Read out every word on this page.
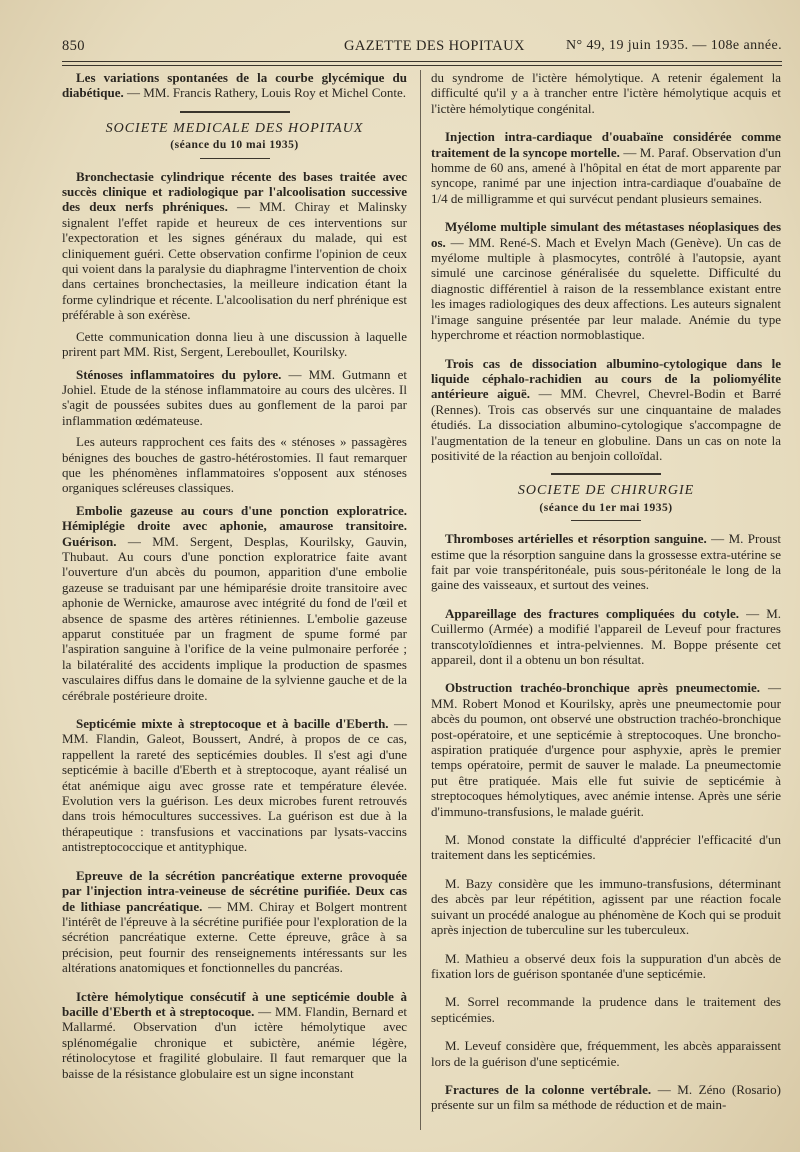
850	GAZETTE DES HOPITAUX	N° 49, 19 juin 1935. — 108e année.

Les variations spontanées de la courbe glycémique du diabétique. — MM. Francis Rathery, Louis Roy et Michel Conte.

SOCIETE MEDICALE DES HOPITAUX
(séance du 10 mai 1935)

Bronchectasie cylindrique récente des bases traitée avec succès clinique et radiologique par l'alcoolisation successive des deux nerfs phréniques. — MM. Chiray et Malinsky signalent l'effet rapide et heureux de ces interventions sur l'expectoration et les signes généraux du malade, qui est cliniquement guéri. Cette observation confirme l'opinion de ceux qui voient dans la paralysie du diaphragme l'intervention de choix dans certaines bronchectasies, la meilleure indication étant la forme cylindrique et récente. L'alcoolisation du nerf phrénique est préférable à son exérèse.

Cette communication donna lieu à une discussion à laquelle prirent part MM. Rist, Sergent, Lereboullet, Kourilsky.

Sténoses inflammatoires du pylore. — MM. Gutmann et Johiel. Etude de la sténose inflammatoire au cours des ulcères. Il s'agit de poussées subites dues au gonflement de la paroi par inflammation œdémateuse.

Les auteurs rapprochent ces faits des « sténoses » passagères bénignes des bouches de gastro-hétérostomies. Il faut remarquer que les phénomènes inflammatoires s'opposent aux sténoses organiques scléreuses classiques.

Embolie gazeuse au cours d'une ponction exploratrice. Hémiplégie droite avec aphonie, amaurose transitoire. Guérison. — MM. Sergent, Desplas, Kourilsky, Gauvin, Thubaut. Au cours d'une ponction exploratrice faite avant l'ouverture d'un abcès du poumon, apparition d'une embolie gazeuse se traduisant par une hémiparésie droite transitoire avec aphonie de Wernicke, amaurose avec intégrité du fond de l'œil et absence de spasme des artères rétiniennes. L'embolie gazeuse apparut constituée par un fragment de spume formé par l'aspiration sanguine à l'orifice de la veine pulmonaire perforée ; la bilatéralité des accidents implique la production de spasmes vasculaires diffus dans le domaine de la sylvienne gauche et de la cérébrale postérieure droite.

Septicémie mixte à streptocoque et à bacille d'Eberth. — MM. Flandin, Galeot, Boussert, André, à propos de ce cas, rappellent la rareté des septicémies doubles. Il s'est agi d'une septicémie à bacille d'Eberth et à streptocoque, ayant réalisé un état anémique aigu avec grosse rate et température élevée. Evolution vers la guérison. Les deux microbes furent retrouvés dans trois hémocultures successives. La guérison est due à la thérapeutique : transfusions et vaccinations par lysats-vaccins antistreptococcique et antityphique.

Epreuve de la sécrétion pancréatique externe provoquée par l'injection intra-veineuse de sécrétine purifiée. Deux cas de lithiase pancréatique. — MM. Chiray et Bolgert montrent l'intérêt de l'épreuve à la sécrétine purifiée pour l'exploration de la sécrétion pancréatique externe. Cette épreuve, grâce à sa précision, peut fournir des renseignements intéressants sur les altérations anatomiques et fonctionnelles du pancréas.

Ictère hémolytique consécutif à une septicémie double à bacille d'Eberth et à streptocoque. — MM. Flandin, Bernard et Mallarmé. Observation d'un ictère hémolytique avec splénomégalie chronique et subictère, anémie légère, rétinolocytose et fragilité globulaire. Il faut remarquer que la baisse de la résistance globulaire est un signe inconstant

du syndrome de l'ictère hémolytique. A retenir également la difficulté qu'il y a à trancher entre l'ictère hémolytique acquis et l'ictère hémolytique congénital.

Injection intra-cardiaque d'ouabaïne considérée comme traitement de la syncope mortelle. — M. Paraf. Observation d'un homme de 60 ans, amené à l'hôpital en état de mort apparente par syncope, ranimé par une injection intra-cardiaque d'ouabaïne de 1/4 de milligramme et qui survécut pendant plusieurs semaines.

Myélome multiple simulant des métastases néoplasiques des os. — MM. René-S. Mach et Evelyn Mach (Genève). Un cas de myélome multiple à plasmocytes, contrôlé à l'autopsie, ayant simulé une carcinose généralisée du squelette. Difficulté du diagnostic différentiel à raison de la ressemblance existant entre les images radiologiques des deux affections. Les auteurs signalent l'image sanguine présentée par leur malade. Anémie du type hyperchrome et réaction normoblastique.

Trois cas de dissociation albumino-cytologique dans le liquide céphalo-rachidien au cours de la poliomyélite antérieure aiguë. — MM. Chevrel, Chevrel-Bodin et Barré (Rennes). Trois cas observés sur une cinquantaine de malades étudiés. La dissociation albumino-cytologique s'accompagne de l'augmentation de la teneur en globuline. Dans un cas on note la positivité de la réaction au benjoin colloïdal.

SOCIETE DE CHIRURGIE
(séance du 1er mai 1935)

Thromboses artérielles et résorption sanguine. — M. Proust estime que la résorption sanguine dans la grossesse extra-utérine se fait par voie transpéritonéale, puis sous-péritonéale le long de la gaine des vaisseaux, et surtout des veines.

Appareillage des fractures compliquées du cotyle. — M. Cuillermo (Armée) a modifié l'appareil de Leveuf pour fractures transcotyloïdiennes et intra-pelviennes. M. Boppe présente cet appareil, dont il a obtenu un bon résultat.

Obstruction trachéo-bronchique après pneumectomie. — MM. Robert Monod et Kourilsky, après une pneumectomie pour abcès du poumon, ont observé une obstruction trachéo-bronchique post-opératoire, et une septicémie à streptocoques. Une broncho-aspiration pratiquée d'urgence pour asphyxie, après le premier temps opératoire, permit de sauver le malade. La pneumectomie put être pratiquée. Mais elle fut suivie de septicémie à streptocoques hémolytiques, avec anémie intense. Après une série d'immuno-transfusions, le malade guérit.

M. Monod constate la difficulté d'apprécier l'efficacité d'un traitement dans les septicémies.

M. Bazy considère que les immuno-transfusions, déterminant des abcès par leur répétition, agissent par une réaction focale suivant un procédé analogue au phénomène de Koch qui se produit après injection de tuberculine sur les tuberculeux.

M. Mathieu a observé deux fois la suppuration d'un abcès de fixation lors de guérison spontanée d'une septicémie.

M. Sorrel recommande la prudence dans le traitement des septicémies.

M. Leveuf considère que, fréquemment, les abcès apparaissent lors de la guérison d'une septicémie.

Fractures de la colonne vertébrale. — M. Zéno (Rosario) présente sur un film sa méthode de réduction et de main-
